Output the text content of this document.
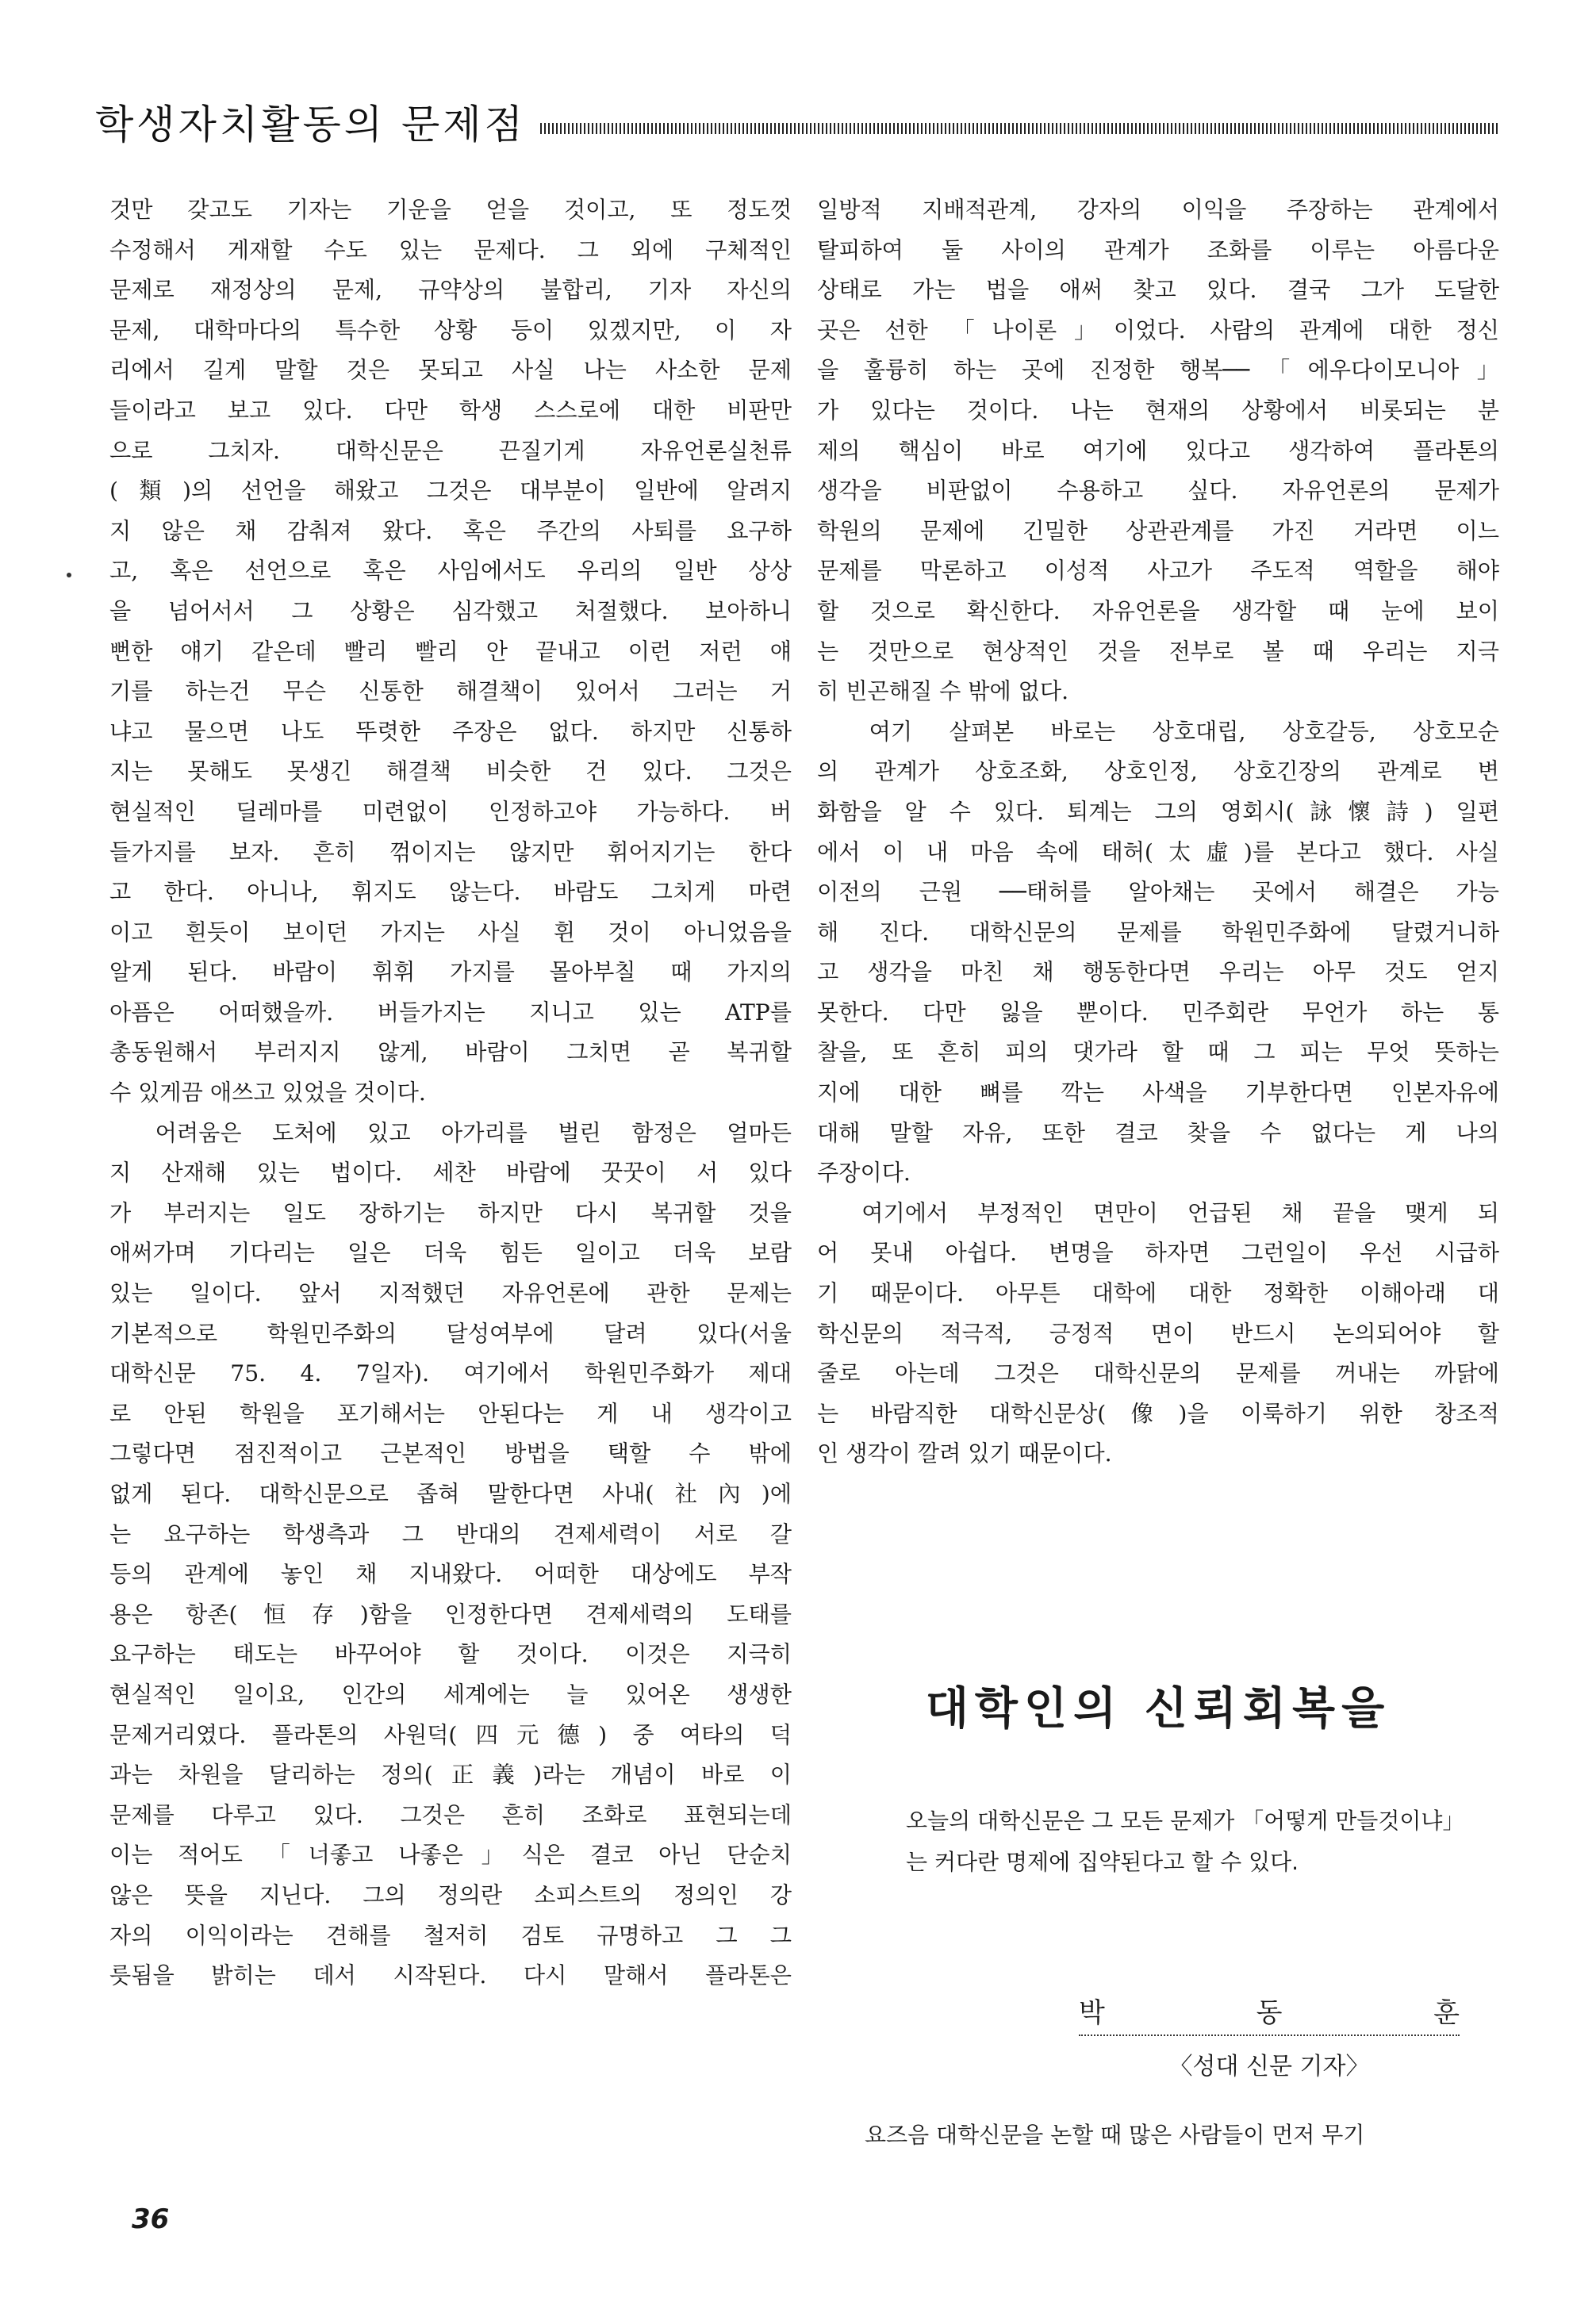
학생자치활동의 문제점
것만 갖고도 기자는 기운을 얻을 것이고, 또 정도껏
수정해서 게재할 수도 있는 문제다. 그 외에 구체적인
문제로 재정상의 문제, 규약상의 불합리, 기자 자신의
문제, 대학마다의 특수한 상황 등이 있겠지만, 이 자
리에서 길게 말할 것은 못되고 사실 나는 사소한 문제
들이라고 보고 있다. 다만 학생 스스로에 대한 비판만
으로 그치자. 대학신문은 끈질기게 자유언론실천류
(類)의 선언을 해왔고 그것은 대부분이 일반에 알려지
지 않은 채 감춰져 왔다. 혹은 주간의 사퇴를 요구하
고, 혹은 선언으로 혹은 사임에서도 우리의 일반 상상
을 넘어서서 그 상황은 심각했고 처절했다. 보아하니
뻔한 얘기 같은데 빨리 빨리 안 끝내고 이런 저런 얘
기를 하는건 무슨 신통한 해결책이 있어서 그러는 거
냐고 물으면 나도 뚜렷한 주장은 없다. 하지만 신통하
지는 못해도 못생긴 해결책 비슷한 건 있다. 그것은
현실적인 딜레마를 미련없이 인정하고야 가능하다. 버
들가지를 보자. 흔히 꺾이지는 않지만 휘어지기는 한다
고 한다. 아니나, 휘지도 않는다. 바람도 그치게 마련
이고 흰듯이 보이던 가지는 사실 휜 것이 아니었음을
알게 된다. 바람이 휘휘 가지를 몰아부칠 때 가지의
아픔은 어떠했을까. 버들가지는 지니고 있는 ATP를
총동원해서 부러지지 않게, 바람이 그치면 곧 복귀할
수 있게끔 애쓰고 있었을 것이다.
　어려움은 도처에 있고 아가리를 벌린 함정은 얼마든
지 산재해 있는 법이다. 세찬 바람에 꿋꿋이 서 있다
가 부러지는 일도 장하기는 하지만 다시 복귀할 것을
애써가며 기다리는 일은 더욱 힘든 일이고 더욱 보람
있는 일이다. 앞서 지적했던 자유언론에 관한 문제는
기본적으로 학원민주화의 달성여부에 달려 있다(서울
대학신문 75. 4. 7일자). 여기에서 학원민주화가 제대
로 안된 학원을 포기해서는 안된다는 게 내 생각이고
그렇다면 점진적이고 근본적인 방법을 택할 수 밖에
없게 된다. 대학신문으로 좁혀 말한다면 사내(社內)에
는 요구하는 학생측과 그 반대의 견제세력이 서로 갈
등의 관계에 놓인 채 지내왔다. 어떠한 대상에도 부작
용은 항존(恒存)함을 인정한다면 견제세력의 도태를
요구하는 태도는 바꾸어야 할 것이다. 이것은 지극히
현실적인 일이요, 인간의 세계에는 늘 있어온 생생한
문제거리였다. 플라톤의 사원덕(四元德) 중 여타의 덕
과는 차원을 달리하는 정의(正義)라는 개념이 바로 이
문제를 다루고 있다. 그것은 흔히 조화로 표현되는데
이는 적어도 「너좋고 나좋은」식은 결코 아닌 단순치
않은 뜻을 지닌다. 그의 정의란 소피스트의 정의인 강
자의 이익이라는 견해를 철저히 검토 규명하고 그 그
릇됨을 밝히는 데서 시작된다. 다시 말해서 플라톤은
일방적 지배적관계, 강자의 이익을 주장하는 관계에서
탈피하여 둘 사이의 관계가 조화를 이루는 아름다운
상태로 가는 법을 애써 찾고 있다. 결국 그가 도달한
곳은 선한 「나이론」이었다. 사람의 관계에 대한 정신
을 훌륭히 하는 곳에 진정한 행복──「에우다이모니아」
가 있다는 것이다. 나는 현재의 상황에서 비롯되는 분
제의 핵심이 바로 여기에 있다고 생각하여 플라톤의
생각을 비판없이 수용하고 싶다. 자유언론의 문제가
학원의 문제에 긴밀한 상관관계를 가진 거라면 이느
문제를 막론하고 이성적 사고가 주도적 역할을 해야
할 것으로 확신한다. 자유언론을 생각할 때 눈에 보이
는 것만으로 현상적인 것을 전부로 볼 때 우리는 지극
히 빈곤해질 수 밖에 없다.
　여기 살펴본 바로는 상호대립, 상호갈등, 상호모순
의 관계가 상호조화, 상호인정, 상호긴장의 관계로 변
화함을 알 수 있다. 퇴계는 그의 영회시(詠懷詩) 일편
에서 이 내 마음 속에 태허(太虛)를 본다고 했다. 사실
이전의 근원 ──태허를 알아채는 곳에서 해결은 가능
해 진다. 대학신문의 문제를 학원민주화에 달렸거니하
고 생각을 마친 채 행동한다면 우리는 아무 것도 얻지
못한다. 다만 잃을 뿐이다. 민주회란 무언가 하는 통
찰을, 또 흔히 피의 댓가라 할 때 그 피는 무엇 뜻하는
지에 대한 뼈를 깍는 사색을 기부한다면 인본자유에
대해 말할 자유, 또한 결코 찾을 수 없다는 게 나의
주장이다.
　여기에서 부정적인 면만이 언급된 채 끝을 맺게 되
어 못내 아쉽다. 변명을 하자면 그런일이 우선 시급하
기 때문이다. 아무튼 대학에 대한 정확한 이해아래 대
학신문의 적극적, 긍정적 면이 반드시 논의되어야 할
줄로 아는데 그것은 대학신문의 문제를 꺼내는 까닭에
는 바람직한 대학신문상(像)을 이룩하기 위한 창조적
인 생각이 깔려 있기 때문이다.
대학인의 신뢰회복을
오늘의 대학신문은 그 모든 문제가 「어떻게 만들것이냐」는 커다란 명제에 집약된다고 할 수 있다.
박	동	훈
〈성대 신문 기자〉
요즈음 대학신문을 논할 때 많은 사람들이 먼저 무기
36
